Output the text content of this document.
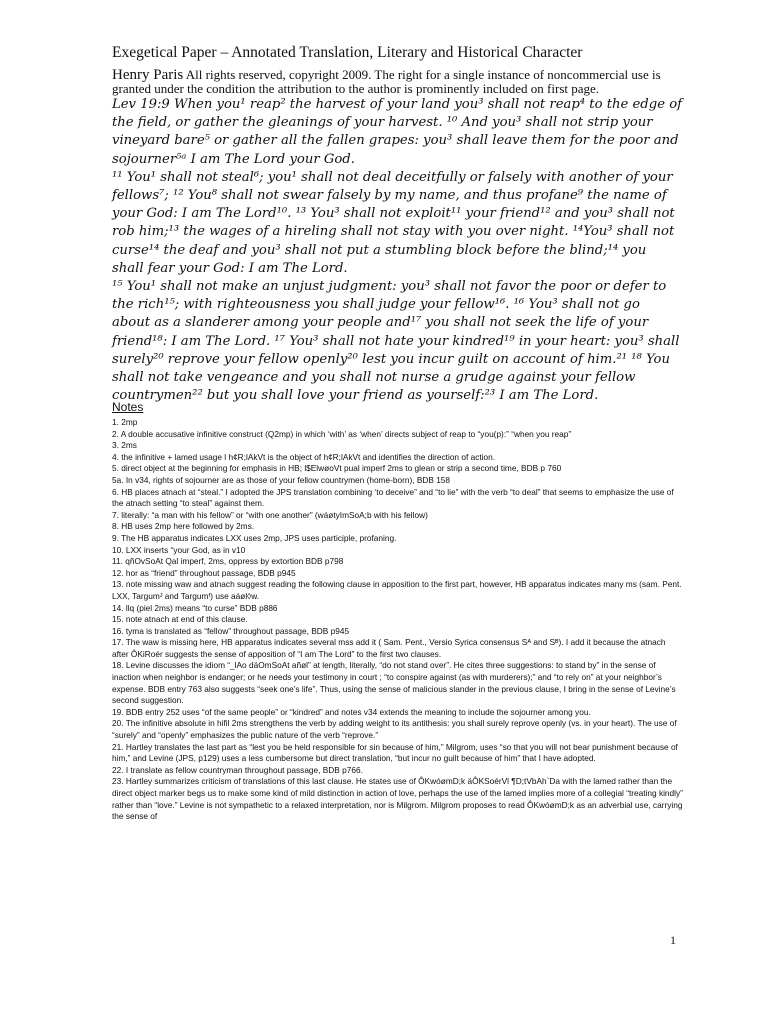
Exegetical Paper – Annotated Translation, Literary and Historical Character
Henry Paris All rights reserved, copyright 2009. The right for a single instance of noncommercial use is granted under the condition the attribution to the author is prominently included on first page.

Lev 19:9 When you¹ reap² the harvest of your land you³ shall not reap⁴ to the edge of the field, or gather the gleanings of your harvest. ¹⁰ And you³ shall not strip your vineyard bare⁵ or gather all the fallen grapes: you³ shall leave them for the poor and sojourner⁵ᵃ I am The Lord your God.

¹¹ You¹ shall not steal⁶; you¹ shall not deal deceitfully or falsely with another of your fellows⁷; ¹² You⁸ shall not swear falsely by my name, and thus profane⁹ the name of your God: I am The Lord¹⁰. ¹³ You³ shall not exploit¹¹ your friend¹² and you³ shall not rob him;¹³ the wages of a hireling shall not stay with you over night. ¹⁴You³ shall not curse¹⁴ the deaf and you³ shall not put a stumbling block before the blind;¹⁴ you shall fear your God: I am The Lord.

¹⁵ You¹ shall not make an unjust judgment: you³ shall not favor the poor or defer to the rich¹⁵; with righteousness you shall judge your fellow¹⁶. ¹⁶ You³ shall not go about as a slanderer among your people and¹⁷ you shall not seek the life of your friend¹⁸: I am The Lord. ¹⁷ You³ shall not hate your kindred¹⁹ in your heart: you³ shall surely²⁰ reprove your fellow openly²⁰ lest you incur guilt on account of him.²¹ ¹⁸ You shall not take vengeance and you shall not nurse a grudge against your fellow countrymen²² but you shall love your friend as yourself:²³ I am The Lord.

Notes

1. 2mp

2. A double accusative infinitive construct (Q2mp) in which ‘with’ as ‘when’ directs subject of reap to “you(p):” “when you reap”

3. 2ms

4. the infinitive + lamed usage l h¢R;lAkVt is the object of h¢R;lAkVt and identifies the direction of action.

5. direct object at the beginning for emphasis in HB; l$ElwøoVt pual imperf 2ms to glean or strip a second time, BDB p 760

5a. In v34, rights of sojourner are as those of your fellow countrymen (home-born), BDB 158

6. HB places atnach at “steal.” I adopted the JPS translation combining ‘to deceive” and “to lie” with the verb “to deal” that seems to emphasize the use of the atnach setting “to steal” against them.

7. literally: “a man with his fellow” or “with one another” (wáøtyImSoA;b with his fellow)

8. HB uses 2mp here followed by 2ms.

9. The HB apparatus indicates LXX uses 2mp, JPS uses participle, profaning.

10. LXX inserts “your God, as in v10

11. qñOvSoAt Qal imperf, 2ms, oppress by extortion BDB p798

12. hor as “friend” throughout passage, BDB p945

13. note missing waw and atnach suggest reading the following clause in apposition to the first part, however, HB apparatus indicates many ms (sam. Pent. LXX, Targumᴶ and Targumᶠ) use aáøl◊w.

14. llq (piel 2ms) means “to curse” BDB p886

15. note atnach at end of this clause.

16. tyma is translated as “fellow” throughout passage, BDB p945

17. The waw is missing here, HB apparatus indicates several mss add it ( Sam. Pent., Versio Syrica consensus Sᴬ and Sᴮ). I add it because the atnach after ÔKiRoér suggests the sense of apposition of “I am The Lord” to the first two clauses.

18. Levine discusses the idiom “_lAo däOmSoAt añøl” at length, literally, “do not stand over”. He cites three suggestions: to stand by” in the sense of inaction when neighbor is endanger; or he needs your testimony in court ; “to conspire against (as with murderers);” and “to rely on” at your neighbor’s expense. BDB entry 763 also suggests “seek one’s life”. Thus, using the sense of malicious slander in the previous clause, I bring in the sense of Levine’s second suggestion.

19. BDB entry 252 uses “of the same people” or “kindred” and notes v34 extends the meaning to include the sojourner among you.

20. The infinitive absolute in hifil 2ms strengthens the verb by adding weight to its antithesis: you shall surely reprove openly (vs. in your heart). The use of “surely” and “openly” emphasizes the public nature of the verb “reprove.”

21. Hartley translates the last part as “lest you be held responsible for sin because of him,” Milgrom, uses “so that you will not bear punishment because of him,” and Levine (JPS, p129) uses a less cumbersome but direct translation, “but incur no guilt because of him” that I have adopted.

22. I translate as fellow countryman throughout passage, BDB p766.

23. Hartley summarizes criticism of translations of this last clause. He states use of ÔKwóømD;k äÔKSoérVl ¶D;tVbAh`Da with the lamed rather than the direct object marker begs us to make some kind of mild distinction in action of love, perhaps the use of the lamed implies more of a collegial “treating kindly” rather than “love.” Levine is not sympathetic to a relaxed interpretation, nor is Milgrom. Milgrom proposes to read ÔKwóømD;k as an adverbial use, carrying the sense of

1
